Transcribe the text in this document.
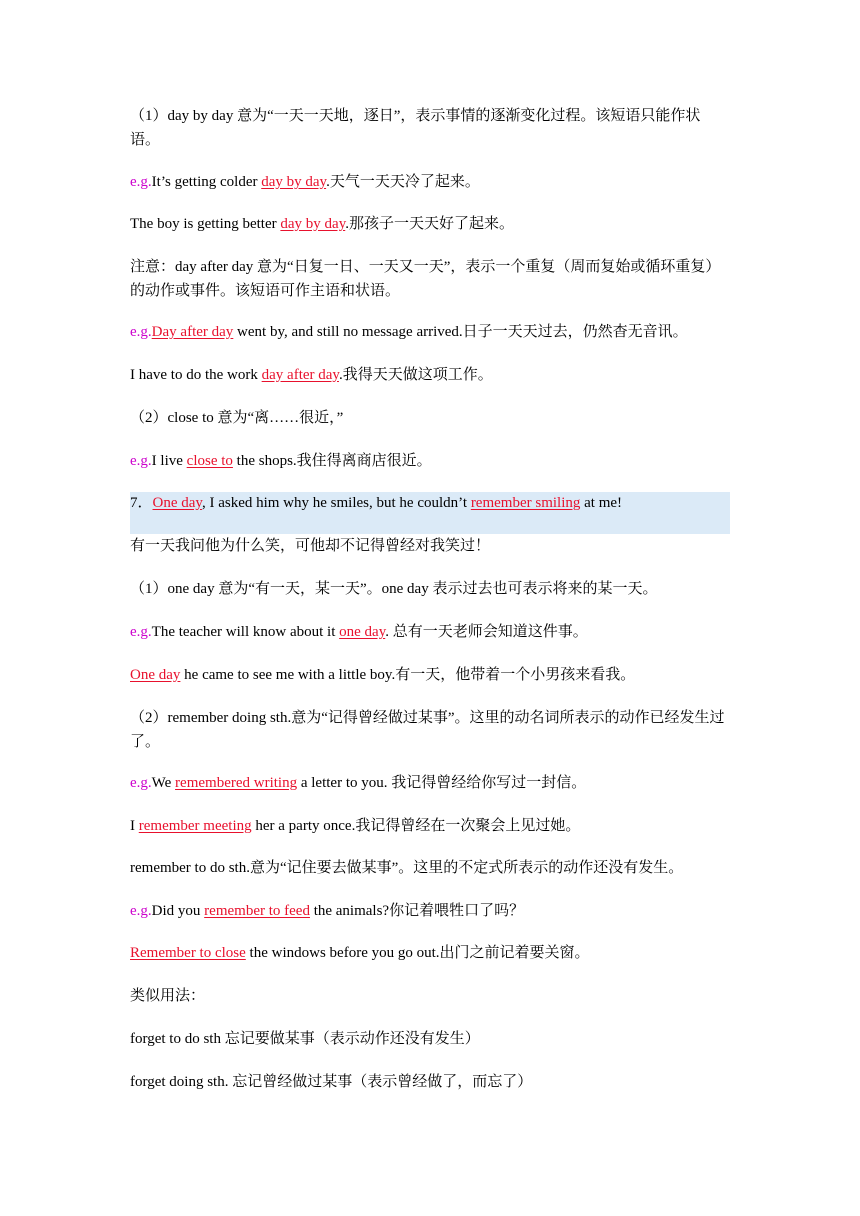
（1）day by day 意为“一天一天地，逐日”，表示事情的逐渐变化过程。该短语只能作状语。
e.g.It’s getting colder day by day.天气一天天冷了起来。
The boy is getting better day by day.那孩子一天天好了起来。
注意：day after day 意为“日复一日、一天又一天”，表示一个重复（周而复始或循环重复）的动作或事件。该短语可作主语和状语。
e.g.Day after day went by, and still no message arrived.日子一天天过去，仍然杳无音讯。
I have to do the work day after day.我得天天做这项工作。
（2）close to 意为“离……很近，”
e.g.I live close to the shops.我住得离商店很近。
7．One day, I asked him why he smiles, but he couldn’t remember smiling at me!
有一天我问他为什么笑，可他却不记得曾经对我笑过！
（1）one day 意为“有一天，某一天”。one day 表示过去也可表示将来的某一天。
e.g.The teacher will know about it one day. 总有一天老师会知道这件事。
One day he came to see me with a little boy.有一天，他带着一个小男孩来看我。
（2）remember doing sth.意为“记得曾经做过某事”。这里的动名词所表示的动作已经发生过了。
e.g.We remembered writing a letter to you. 我记得曾经给你写过一封信。
I remember meeting her a party once.我记得曾经在一次聚会上见过她。
remember to do sth.意为“记住要去做某事”。这里的不定式所表示的动作还没有发生。
e.g.Did you remember to feed the animals?你记着喂牲口了吗？
Remember to close the windows before you go out.出门之前记着要关窗。
类似用法：
forget to do sth 忘记要做某事（表示动作还没有发生）
forget doing sth. 忘记曾经做过某事（表示曾经做了，而忘了）
